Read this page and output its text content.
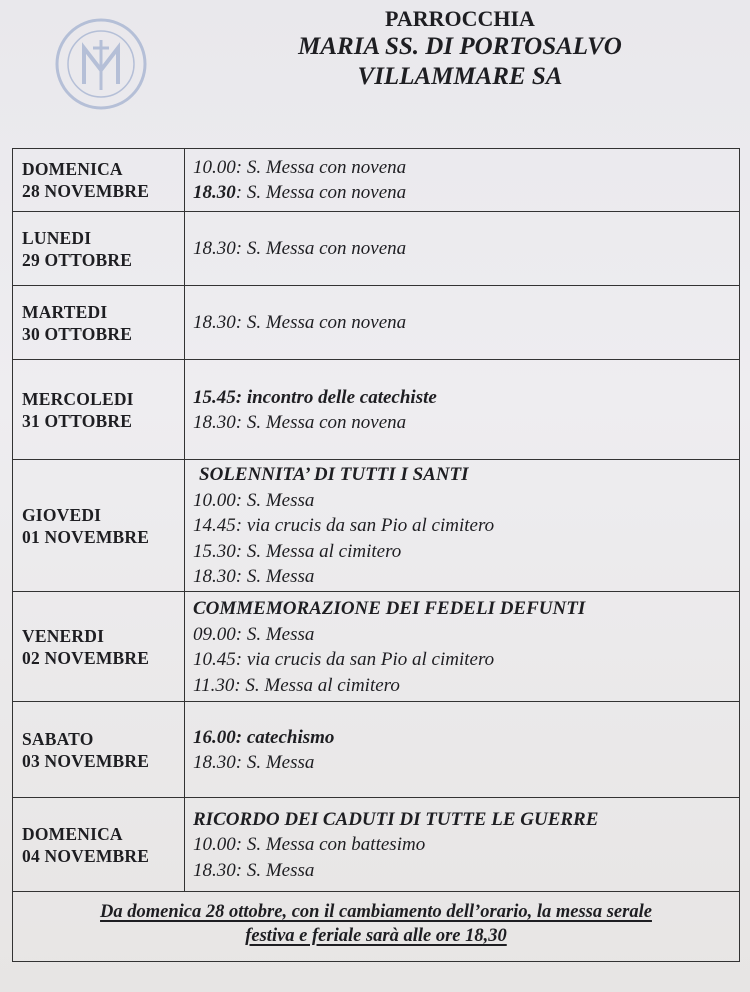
PARROCCHIA
MARIA SS. DI PORTOSALVO
VILLAMMARE SA
DOMENICA
28 NOVEMBRE
10.00: S. Messa con novena
18.30: S. Messa con novena
LUNEDI
29 OTTOBRE
18.30: S. Messa con novena
MARTEDI
30 OTTOBRE
18.30: S. Messa con novena
MERCOLEDI
31 OTTOBRE
15.45: incontro delle catechiste
18.30: S. Messa con novena
GIOVEDI
01 NOVEMBRE
SOLENNITA’ DI TUTTI I SANTI
10.00: S. Messa
14.45: via crucis da san Pio al cimitero
15.30: S. Messa al cimitero
18.30: S. Messa
VENERDI
02 NOVEMBRE
COMMEMORAZIONE DEI FEDELI DEFUNTI
09.00: S. Messa
10.45: via crucis da san Pio al cimitero
11.30: S. Messa al cimitero
SABATO
03 NOVEMBRE
16.00: catechismo
18.30: S. Messa
DOMENICA
04 NOVEMBRE
RICORDO DEI CADUTI DI TUTTE LE GUERRE
10.00: S. Messa con battesimo
18.30: S. Messa
Da domenica 28 ottobre, con il cambiamento dell’orario, la messa serale
festiva e feriale sarà alle ore 18,30
